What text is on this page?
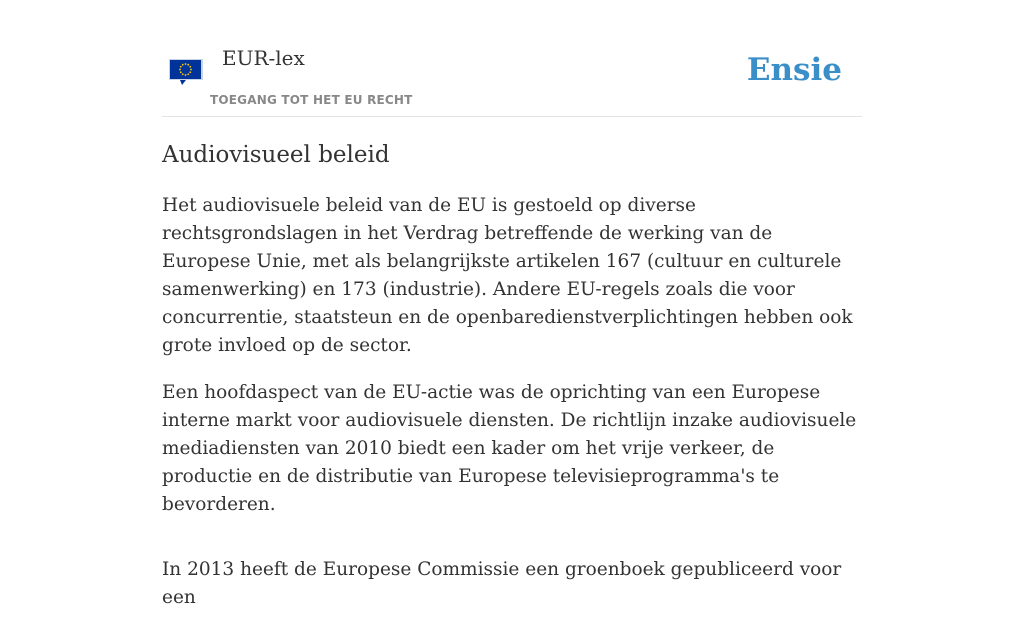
EUR-lex
TOEGANG TOT HET EU RECHT
Ensie
Audiovisueel beleid

Het audiovisuele beleid van de EU is gestoeld op diverse rechtsgrondslagen in het Verdrag betreffende de werking van de Europese Unie, met als belangrijkste artikelen 167 (cultuur en culturele samenwerking) en 173 (industrie). Andere EU-regels zoals die voor concurrentie, staatsteun en de openbaredienstverplichtingen hebben ook grote invloed op de sector.

Een hoofdaspect van de EU-actie was de oprichting van een Europese interne markt voor audiovisuele diensten. De richtlijn inzake audiovisuele mediadiensten van 2010 biedt een kader om het vrije verkeer, de productie en de distributie van Europese televisieprogramma's te bevorderen.

In 2013 heeft de Europese Commissie een groenboek gepubliceerd voor een
